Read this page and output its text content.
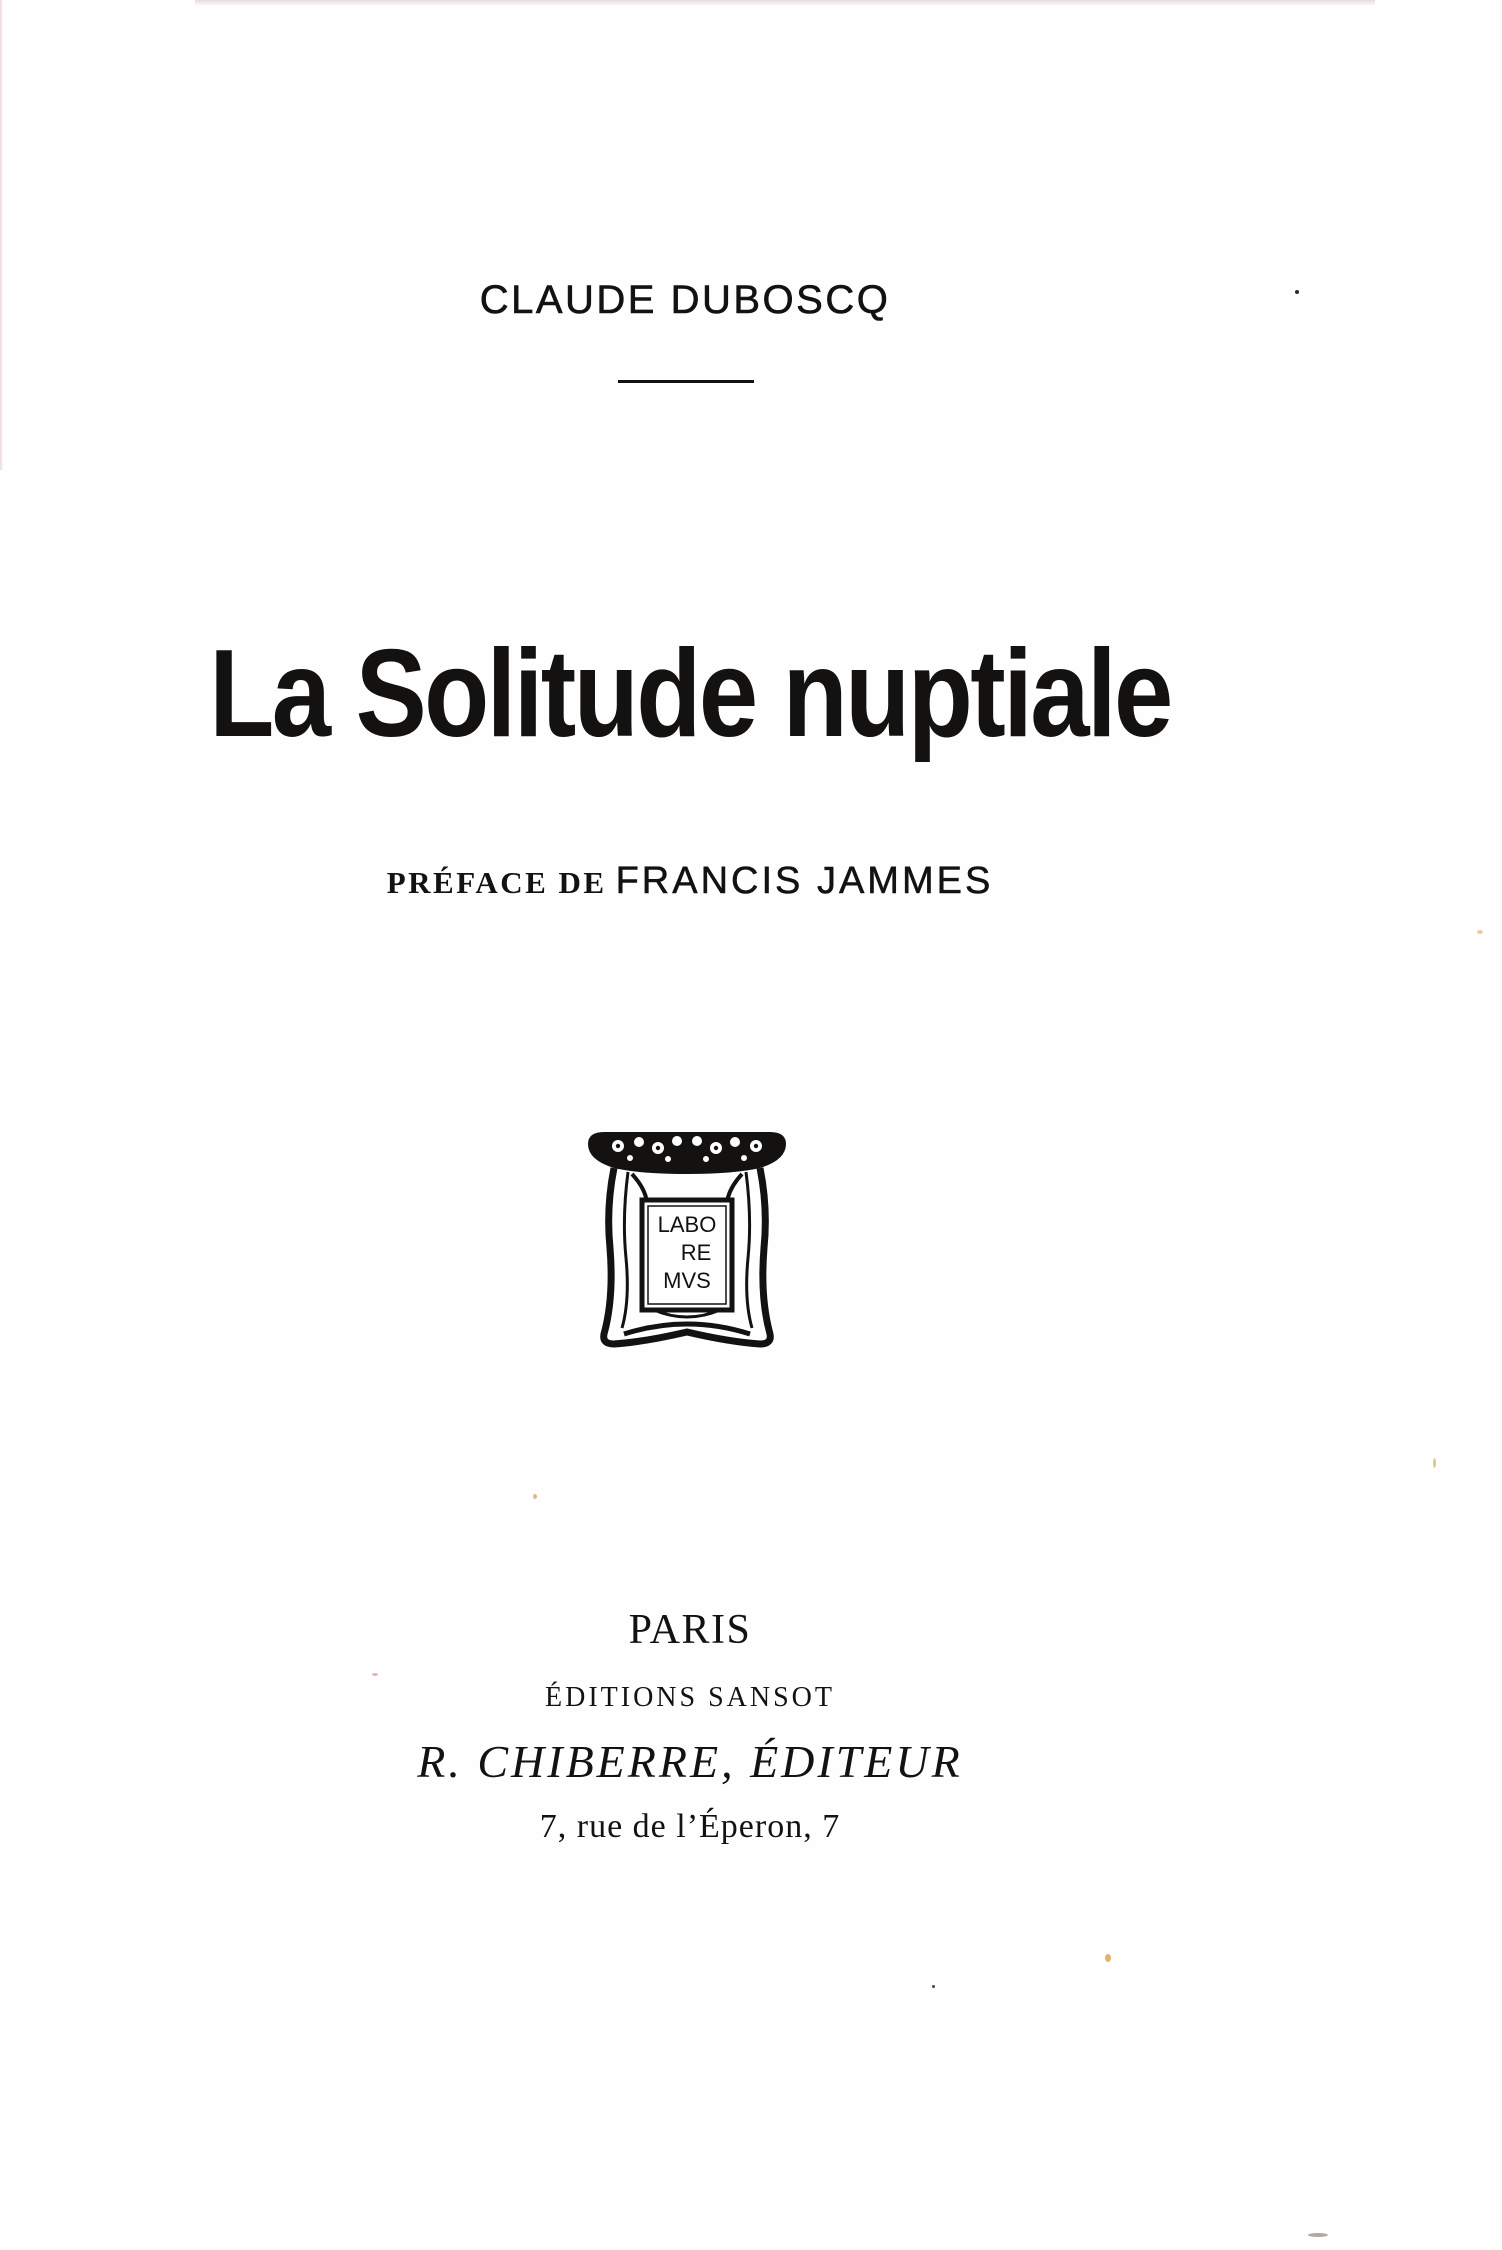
CLAUDE DUBOSCQ
La Solitude nuptiale
PRÉFACE DE FRANCIS JAMMES
LABO
RE
MVS
PARIS
ÉDITIONS SANSOT
R. CHIBERRE, ÉDITEUR
7, rue de l’Éperon, 7
